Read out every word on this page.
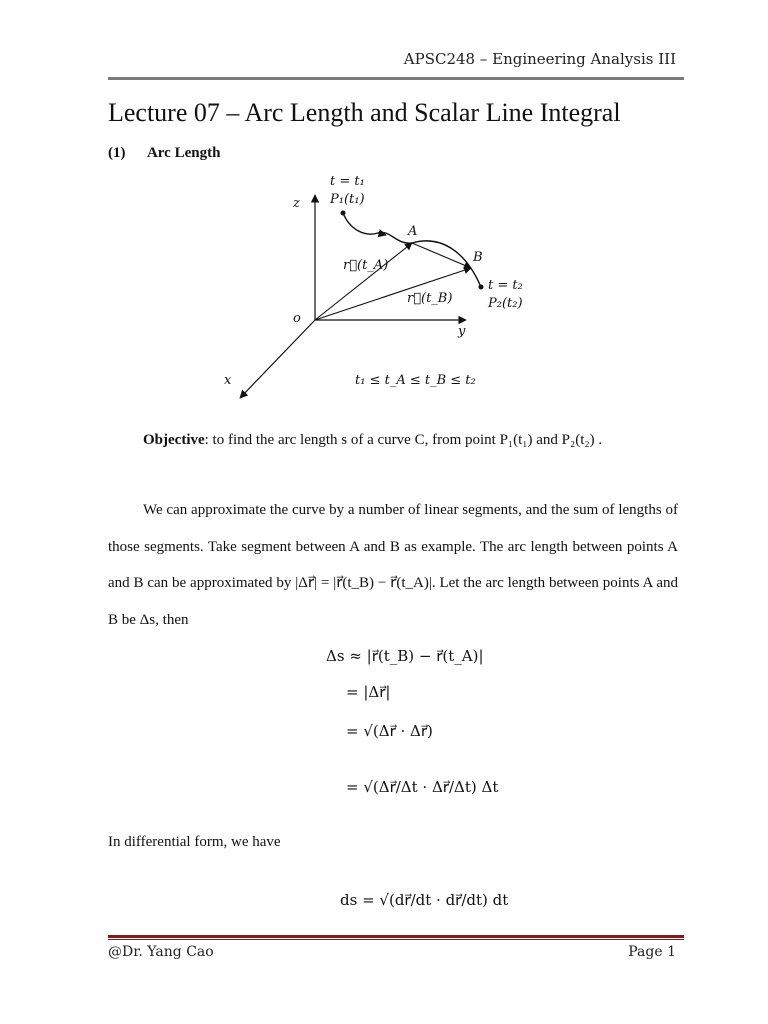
APSC248 – Engineering Analysis III
Lecture 07 – Arc Length and Scalar Line Integral
(1) Arc Length
t = t₁
P₁(t₁)
z
A
B
t = t₂
P₂(t₂)
r⃗(t_A)
r⃗(t_B)
o
y
x	t₁ ≤ t_A ≤ t_B ≤ t₂
Objective: to find the arc length s of a curve C, from point P₁(t₁) and P₂(t₂) .

We can approximate the curve by a number of linear segments, and the sum of lengths of those segments. Take segment between A and B as example. The arc length between points A and B can be approximated by |Δr⃗| = |r⃗(t_B) − r⃗(t_A)|. Let the arc length between points A and B be Δs, then

Δs ≈ |r⃗(t_B) − r⃗(t_A)|
= |Δr⃗|
= √(Δr⃗ · Δr⃗)
= √(Δr⃗/Δt · Δr⃗/Δt) Δt
In differential form, we have
ds = √(dr⃗/dt · dr⃗/dt) dt
@Dr. Yang Cao	Page 1
